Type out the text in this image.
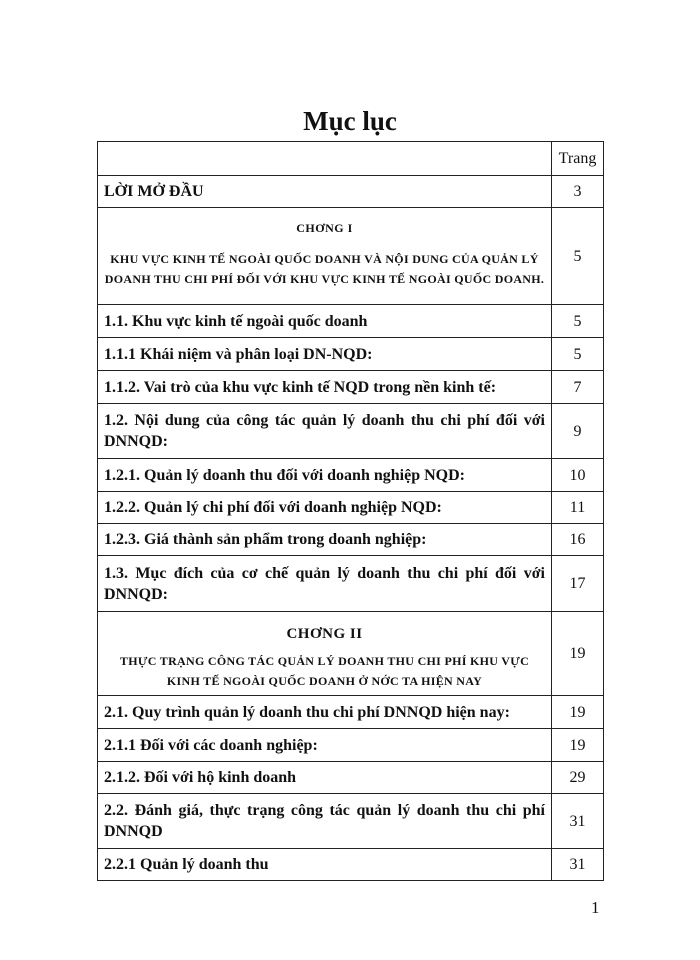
Mục lục
	Trang
LỜI MỞ ĐẦU	3

CHƠNG I
KHU VỰC KINH TẾ NGOÀI QUỐC DOANH VÀ NỘI DUNG CỦA QUẢN LÝ DOANH THU CHI PHÍ ĐỐI VỚI KHU VỰC KINH TẾ NGOÀI QUỐC DOANH.	5
1.1. Khu vực kinh tế ngoài quốc doanh	5
1.1.1 Khái niệm và phân loại DN-NQD:	5
1.1.2. Vai trò của khu vực kinh tế NQD trong nền kinh tế:	7
1.2. Nội dung của công tác quản lý doanh thu chi phí đối với DNNQD:	9
1.2.1. Quản lý doanh thu đối với doanh nghiệp NQD:	10
1.2.2. Quản lý chi phí đối với doanh nghiệp NQD:	11
1.2.3. Giá thành sản phẩm trong doanh nghiệp:	16
1.3. Mục đích của cơ chế quản lý doanh thu chi phí đối với DNNQD:	17

CHƠNG II
THỰC TRẠNG CÔNG TÁC QUẢN LÝ DOANH THU CHI PHÍ KHU VỰC KINH TẾ NGOÀI QUỐC DOANH Ở NỚC TA HIỆN NAY	19
2.1. Quy trình quản lý doanh thu chi phí DNNQD hiện nay:	19
2.1.1 Đối với các doanh nghiệp:	19
2.1.2. Đối với hộ kinh doanh	29
2.2. Đánh giá, thực trạng công tác quản lý doanh thu chi phí DNNQD	31
2.2.1 Quản lý doanh thu	31
1
